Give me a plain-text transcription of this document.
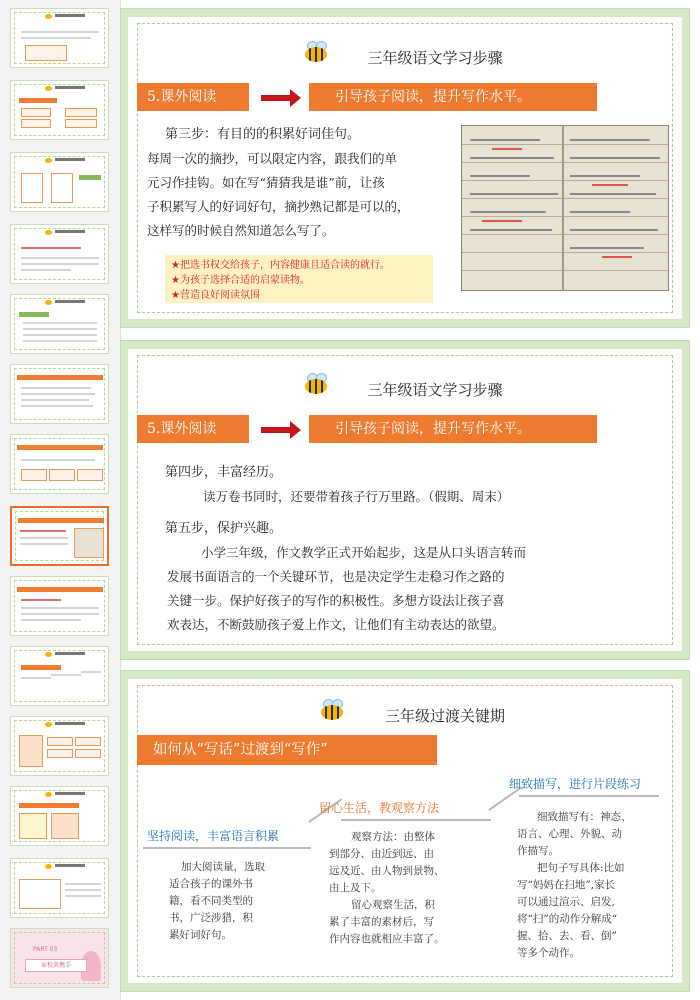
PART 03
家校共携手
三年级语文学习步骤
5.课外阅读	引导孩子阅读，提升写作水平。
第三步：有目的的积累好词佳句。
每周一次的摘抄，可以限定内容，跟我们的单
元习作挂钩。如在写“猜猜我是谁”前，让孩
子积累写人的好词好句，摘抄熟记都是可以的，
这样写的时候自然知道怎么写了。
★把选书权交给孩子，内容健康且适合读的就行。
★为孩子选择合适的启蒙读物。
★营造良好阅读氛围
三年级语文学习步骤
5.课外阅读	引导孩子阅读，提升写作水平。
第四步，丰富经历。
读万卷书同时，还要带着孩子行万里路。（假期、周末）
第五步，保护兴趣。
小学三年级，作文教学正式开始起步，这是从口头语言转而
发展书面语言的一个关键环节，也是决定学生走稳习作之路的
关键一步。保护好孩子的写作的积极性。多想方设法让孩子喜
欢表达，不断鼓励孩子爱上作文，让他们有主动表达的欲望。
三年级过渡关键期
如何从“写话”过渡到“写作”
坚持阅读，丰富语言积累
留心生活，教观察方法
细致描写，进行片段练习
加大阅读量，选取
适合孩子的课外书
籍，看不同类型的
书，广泛涉猎，积
累好词好句。
观察方法：由整体
到部分、由近到远、由
远及近、由人物到景物、
由上及下。
留心观察生活，积
累了丰富的素材后，写
作内容也就相应丰富了。
细致描写有：神态、
语言、心理、外貌、动
作描写。
把句子写具体:比如
写“妈妈在扫地”,家长
可以通过渲示、启发,
将“扫”的动作分解成“
握、拾、去、看、倒”
等多个动作。
